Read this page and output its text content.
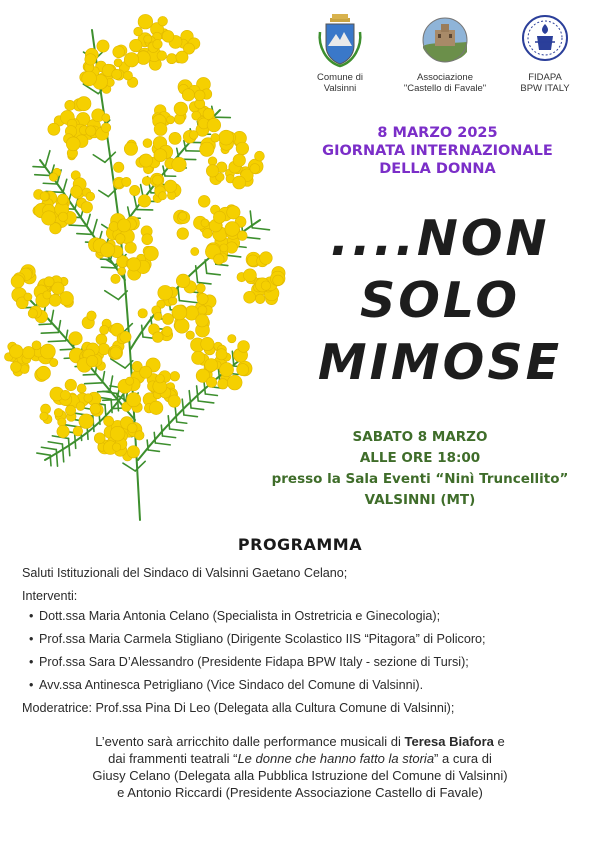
Comune di
Valsinni
Associazione
"Castello di Favale"
FIDAPA
BPW ITALY
8 MARZO 2025
GIORNATA INTERNAZIONALE
DELLA DONNA
....NON
SOLO
MIMOSE
SABATO 8 MARZO
ALLE ORE 18:00
presso la Sala Eventi “Ninì Truncellito”
VALSINNI (MT)
PROGRAMMA
Saluti Istituzionali del Sindaco di Valsinni Gaetano Celano;
Interventi:
• Dott.ssa Maria Antonia Celano (Specialista in Ostretricia e Ginecologia);
• Prof.ssa Maria Carmela Stigliano (Dirigente Scolastico IIS “Pitagora” di Policoro;
• Prof.ssa Sara D’Alessandro (Presidente Fidapa BPW Italy - sezione di Tursi);
• Avv.ssa Antinesca Petrigliano (Vice Sindaco del Comune di Valsinni).
Moderatrice: Prof.ssa Pina Di Leo (Delegata alla Cultura Comune di Valsinni);
L’evento sarà arricchito dalle performance musicali di Teresa Biafora e
dai frammenti teatrali “Le donne che hanno fatto la storia” a cura di
Giusy Celano (Delegata alla Pubblica Istruzione del Comune di Valsinni)
e Antonio Riccardi (Presidente Associazione Castello di Favale)
